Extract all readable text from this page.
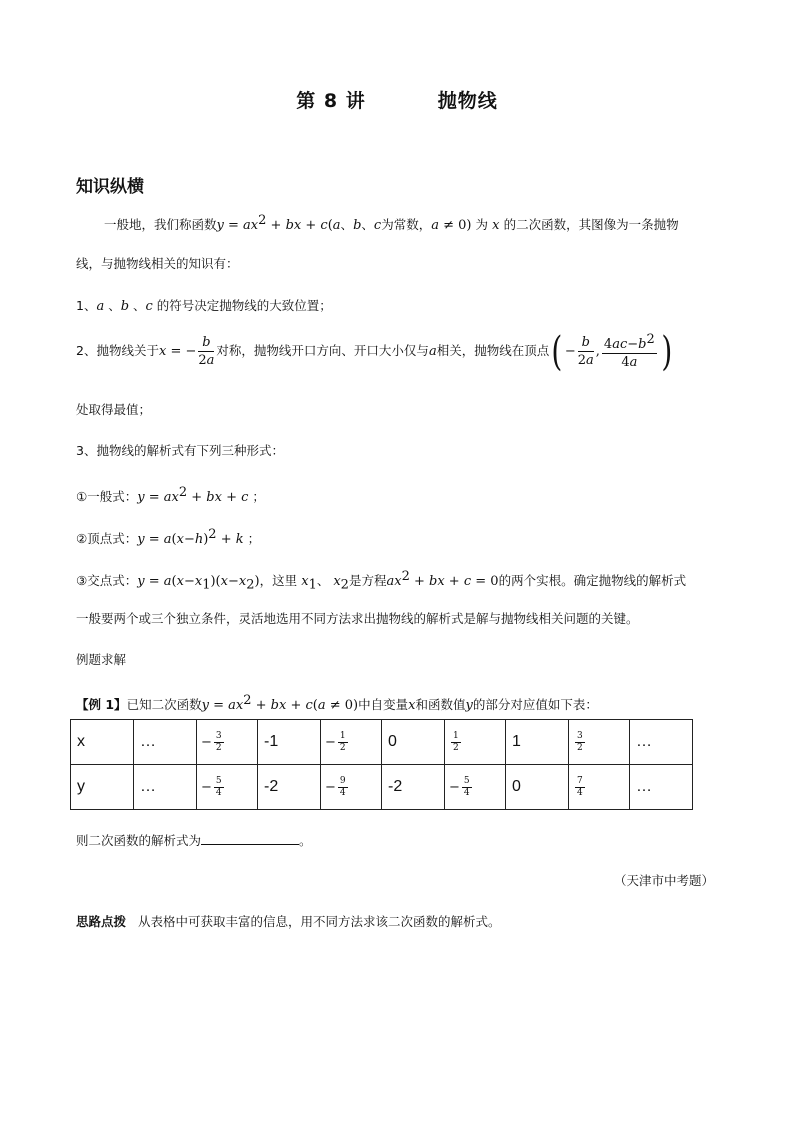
第 8 讲	抛物线
知识纵横
一般地，我们称函数$y = ax^2$ + bx + c(a、b、c为常数，a ≠ 0) 为 x 的二次函数，其图像为一条抛物
线，与抛物线相关的知识有：
1、a 、b 、c 的符号决定抛物线的大致位置；
2、抛物线关于x = − $\frac{b}{2a}$ 对称，抛物线开口方向、开口大小仅与a相关，抛物线在顶点( − $\frac{b}{2a}$ , $\frac{4ac-b^2}{4a}$ )
处取得最值；
3、抛物线的解析式有下列三种形式：
①一般式：$y = ax^2$ + bx + c ；
②顶点式：$y = a(x-h)^2 + k$ ；
③交点式：$y = a(x-x_1)(x-x_2)$，这里 $x_1$、 $x_2$是方程$ax^2$ + bx + c = 0的两个实根。确定抛物线的解析式
一般要两个或三个独立条件，灵活地选用不同方法求出抛物线的解析式是解与抛物线相关问题的关键。
例题求解
【例 1】已知二次函数$y = ax^2$ + bx + c(a ≠ 0)中自变量x和函数值y的部分对应值如下表：
x	…	− $\frac{3}{2}$	-1	− $\frac{1}{2}$	0	$\frac{1}{2}$	1	$\frac{3}{2}$	…
y	…	− $\frac{5}{4}$	-2	− $\frac{9}{4}$	-2	− $\frac{5}{4}$	0	$\frac{7}{4}$	…
则二次函数的解析式为	。
（天津市中考题）
思路点拨 从表格中可获取丰富的信息，用不同方法求该二次函数的解析式。
